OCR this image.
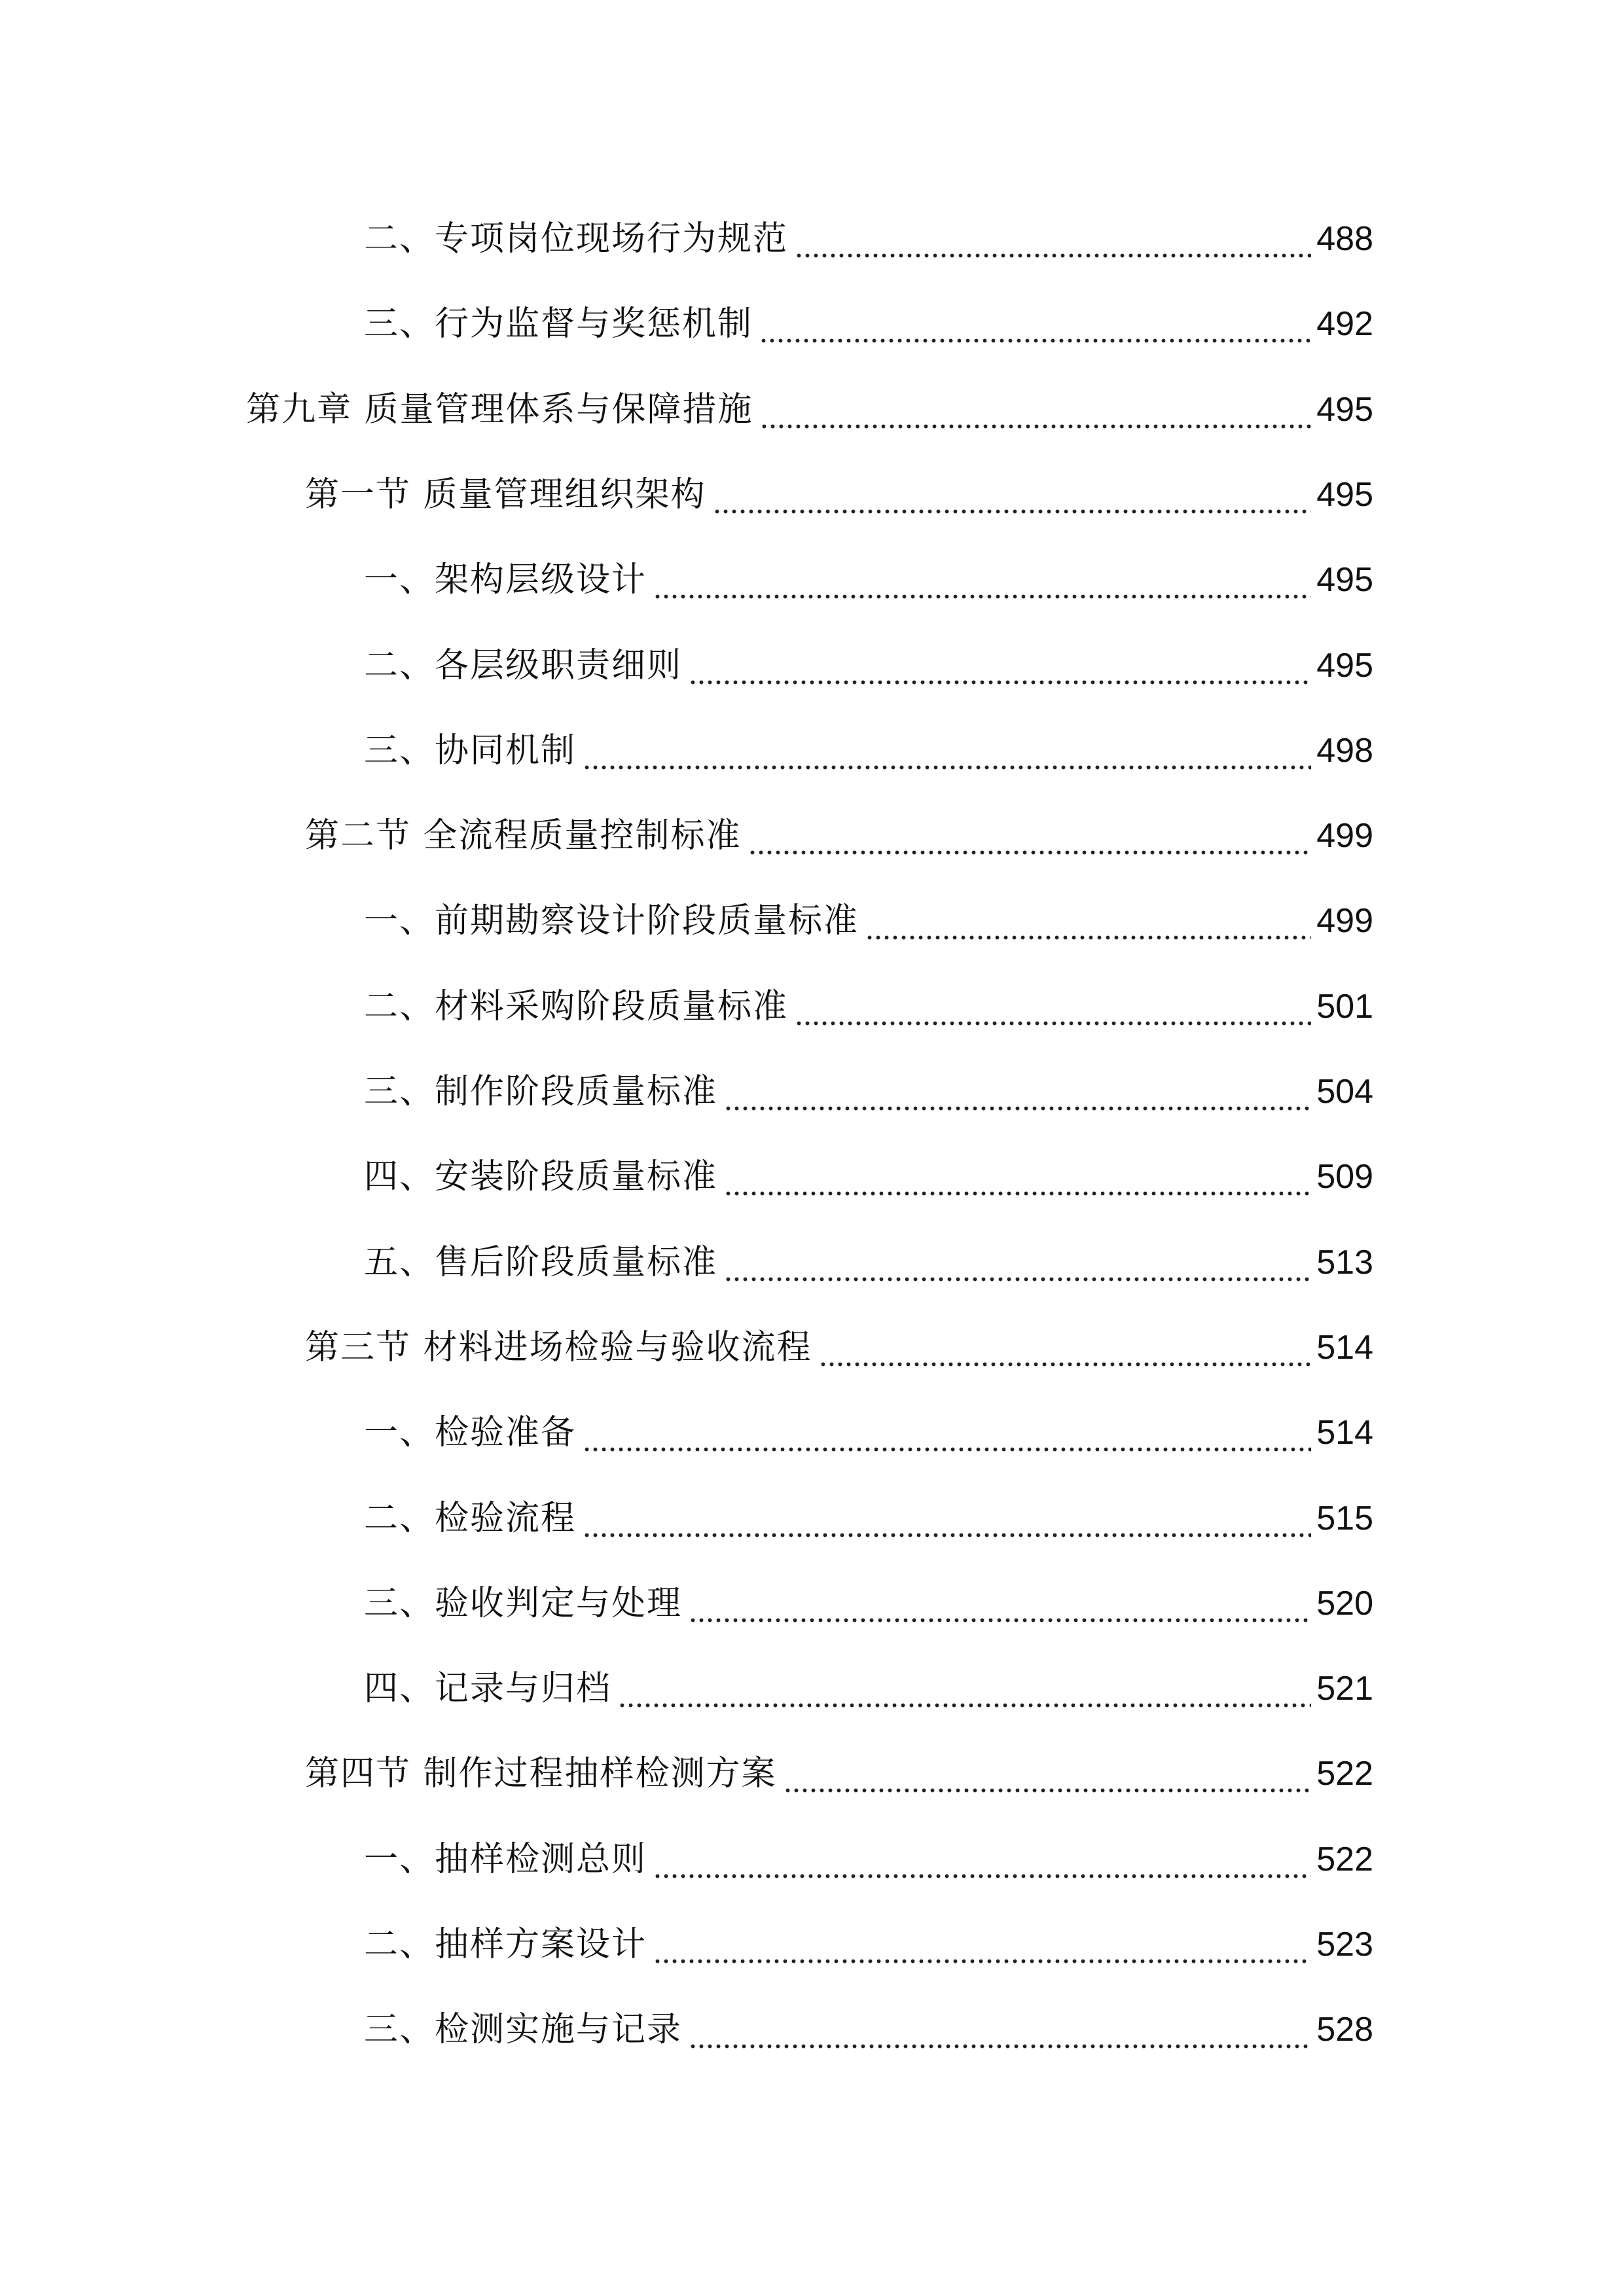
二、专项岗位现场行为规范	488
三、行为监督与奖惩机制	492
第九章 质量管理体系与保障措施	495
第一节 质量管理组织架构	495
一、架构层级设计	495
二、各层级职责细则	495
三、协同机制	498
第二节 全流程质量控制标准	499
一、前期勘察设计阶段质量标准	499
二、材料采购阶段质量标准	501
三、制作阶段质量标准	504
四、安装阶段质量标准	509
五、售后阶段质量标准	513
第三节 材料进场检验与验收流程	514
一、检验准备	514
二、检验流程	515
三、验收判定与处理	520
四、记录与归档	521
第四节 制作过程抽样检测方案	522
一、抽样检测总则	522
二、抽样方案设计	523
三、检测实施与记录	528
